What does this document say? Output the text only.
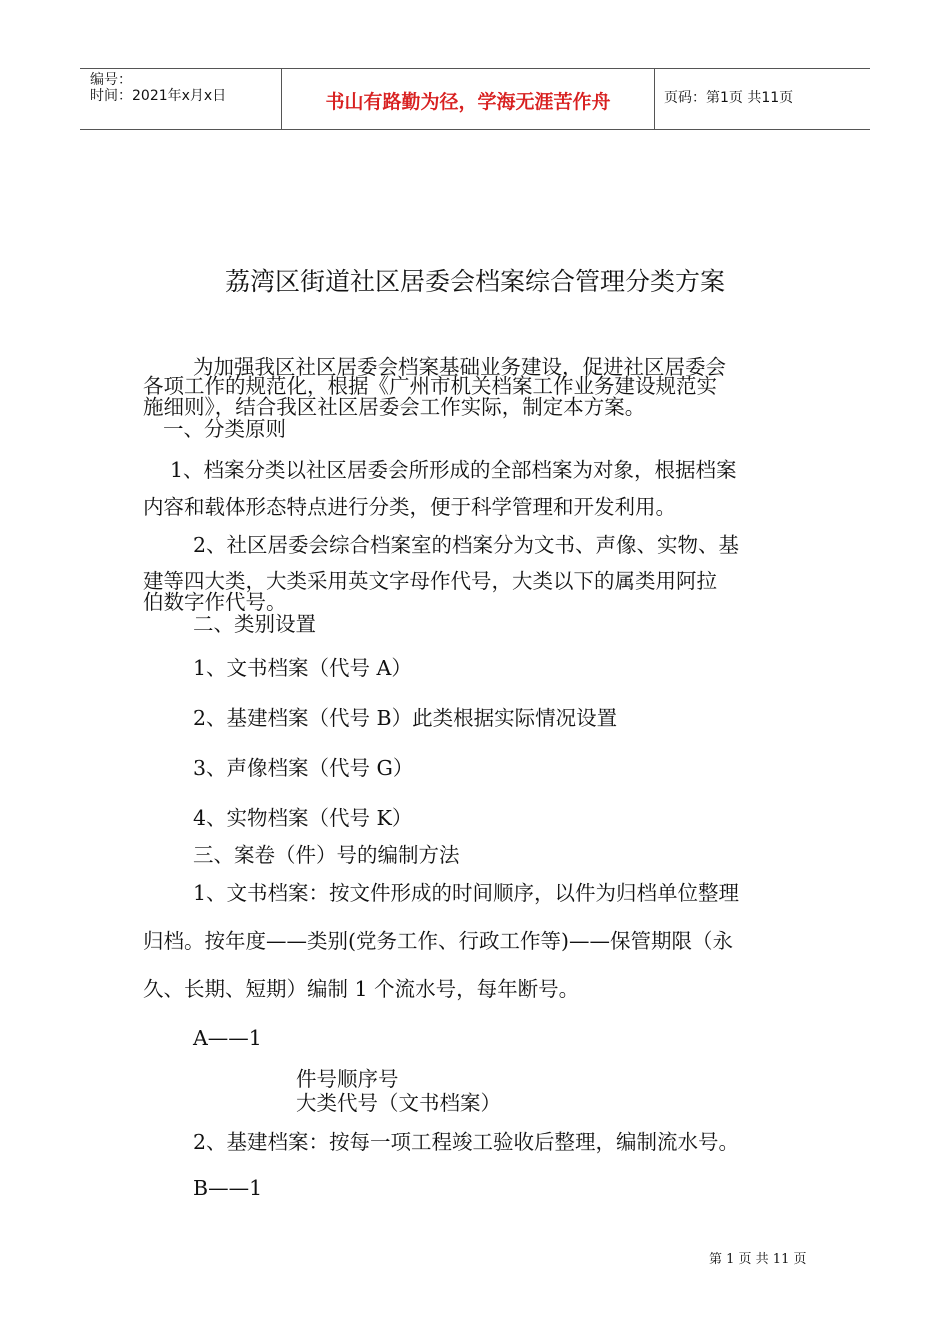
编号：
时间：2021年x月x日	书山有路勤为径，学海无涯苦作舟	页码：第1页 共11页
荔湾区街道社区居委会档案综合管理分类方案
为加强我区社区居委会档案基础业务建设，促进社区居委会
各项工作的规范化，根据《广州市机关档案工作业务建设规范实
施细则》，结合我区社区居委会工作实际，制定本方案。
一、分类原则
1、档案分类以社区居委会所形成的全部档案为对象，根据档案
内容和载体形态特点进行分类，便于科学管理和开发利用。
2、社区居委会综合档案室的档案分为文书、声像、实物、基
建等四大类，大类采用英文字母作代号，大类以下的属类用阿拉
伯数字作代号。
二、类别设置
1、文书档案（代号 A）
2、基建档案（代号 B）此类根据实际情况设置
3、声像档案（代号 G）
4、实物档案（代号 K）
三、案卷（件）号的编制方法
1、文书档案：按文件形成的时间顺序，以件为归档单位整理
归档。按年度——类别(党务工作、行政工作等)——保管期限（永
久、长期、短期）编制 1 个流水号，每年断号。
A——1
件号顺序号
大类代号（文书档案）
2、基建档案：按每一项工程竣工验收后整理，编制流水号。
B——1
第 1 页 共 11 页
